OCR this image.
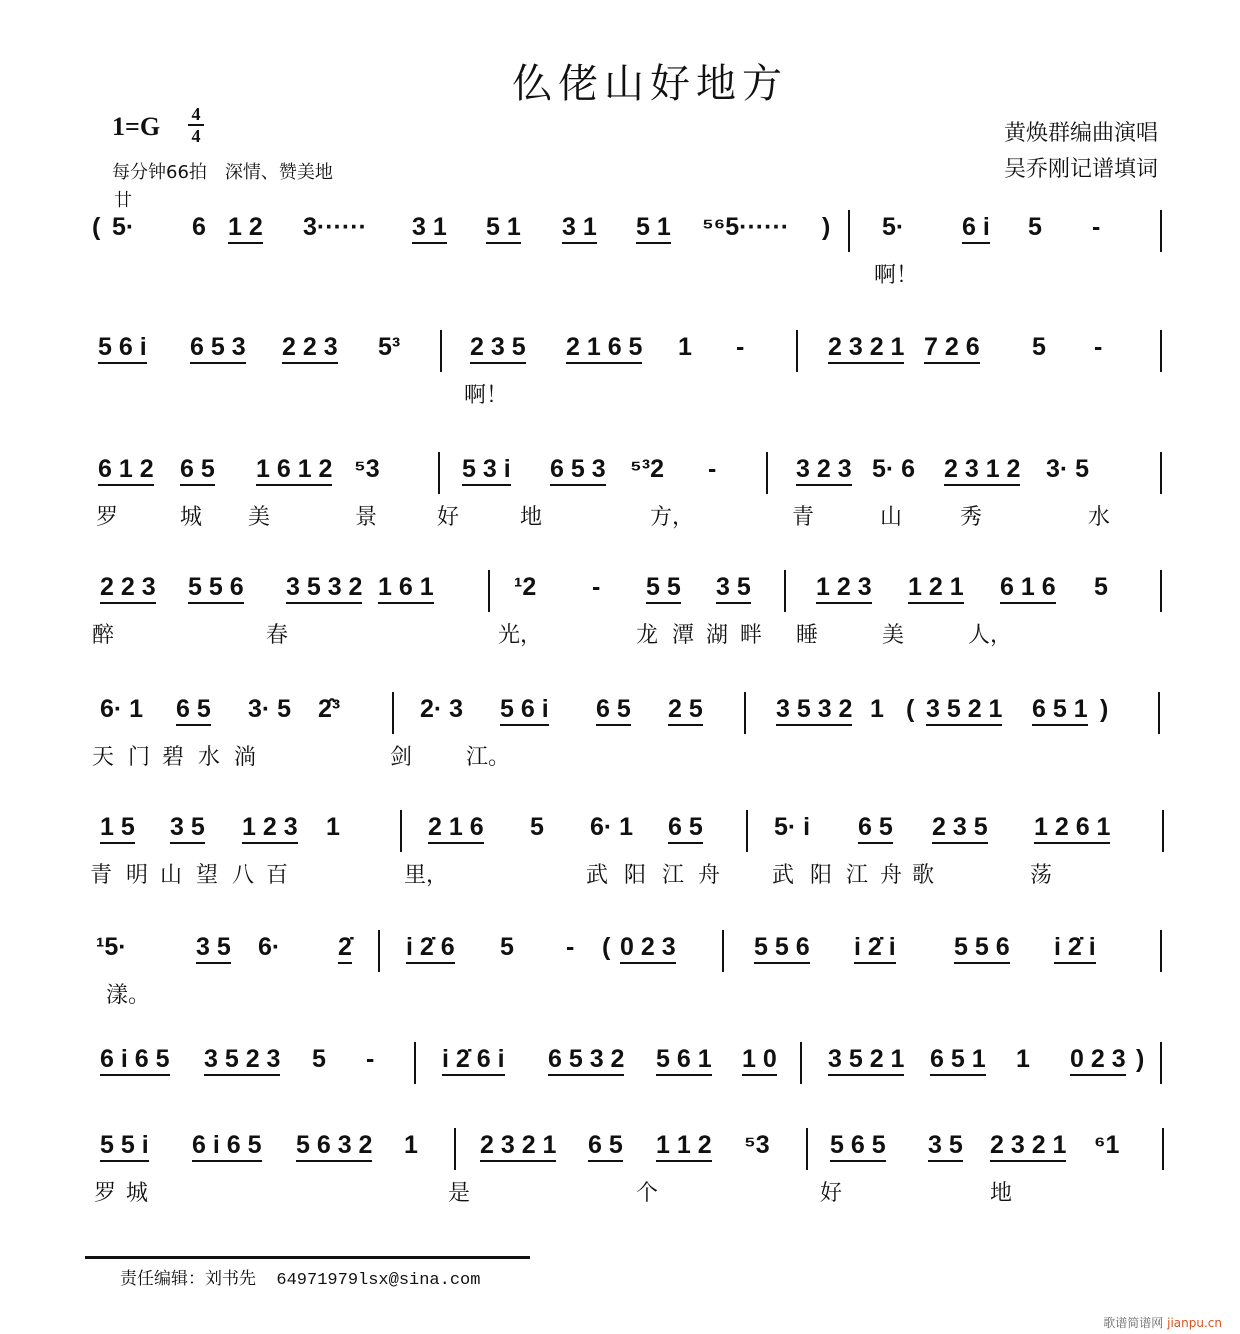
仫佬山好地方
1=G 4
4
每分钟66拍　深情、赞美地
廿
黄焕群编曲演唱
吴乔刚记谱填词
( 5· 6 1 2 3······ 3 1 5 1 3 1 5 1 ⁵⁶5······ ) 5· 6 i 5 -
啊！
5 6 i 6 5 3 2 2 3 5³	2 3 5 2 1 6 5 1 -	2 3 2 1 7 2 6 5 -
啊！
6 1 2 6 5 1 6 1 2 ⁵3	5 3 i 6 5 3 ⁵³2 -	3 2 3 5· 6 2 3 1 2 3· 5
罗	城 美	景	好	地	方，	青	山	秀	水
2 2 3 5 5 6 3 5 3 2 1 6 1	¹2 - 5 5 3 5	1 2 3 1 2 1 6 1 6 5
醉	春	光，	龙 潭 湖 畔 睡	美	人，
6· 1 6 5 3· 5 2̂³	2· 3 5 6 i 6 5 2 5	3 5 3 2 1 ( 3 5 2 1 6 5 1 )
天 门 碧 水 淌	剑 江。
1 5 3 5 1 2 3 1	2 1 6 5 6· 1 6 5	5· i 6 5 2 3 5 1 2 6 1
青 明 山 望 八 百	里，	武 阳 江 舟 武 阳 江 舟 歌	荡
¹5·	3 5 6· 2̇ i 2̇ 6 5 - ( 0 2 3	5 5 6 i 2̇ i 5 5 6 i 2̇ i
漾。
6 i 6 5 3 5 2 3 5 -	i 2̇ 6 i 6 5 3 2 5 6 1 1 0 3 5 2 1 6 5 1 1 0 2 3 )
5 5 i 6 i 6 5 5 6 3 2 1 2 3 2 1 6 5 1 1 2 ⁵3 5 6 5 3 5 2 3 2 1 ⁶1
罗 城	是	个	好	地
责任编辑：刘书先 64971979lsx@sina.com
歌谱简谱网 jianpu.cn
